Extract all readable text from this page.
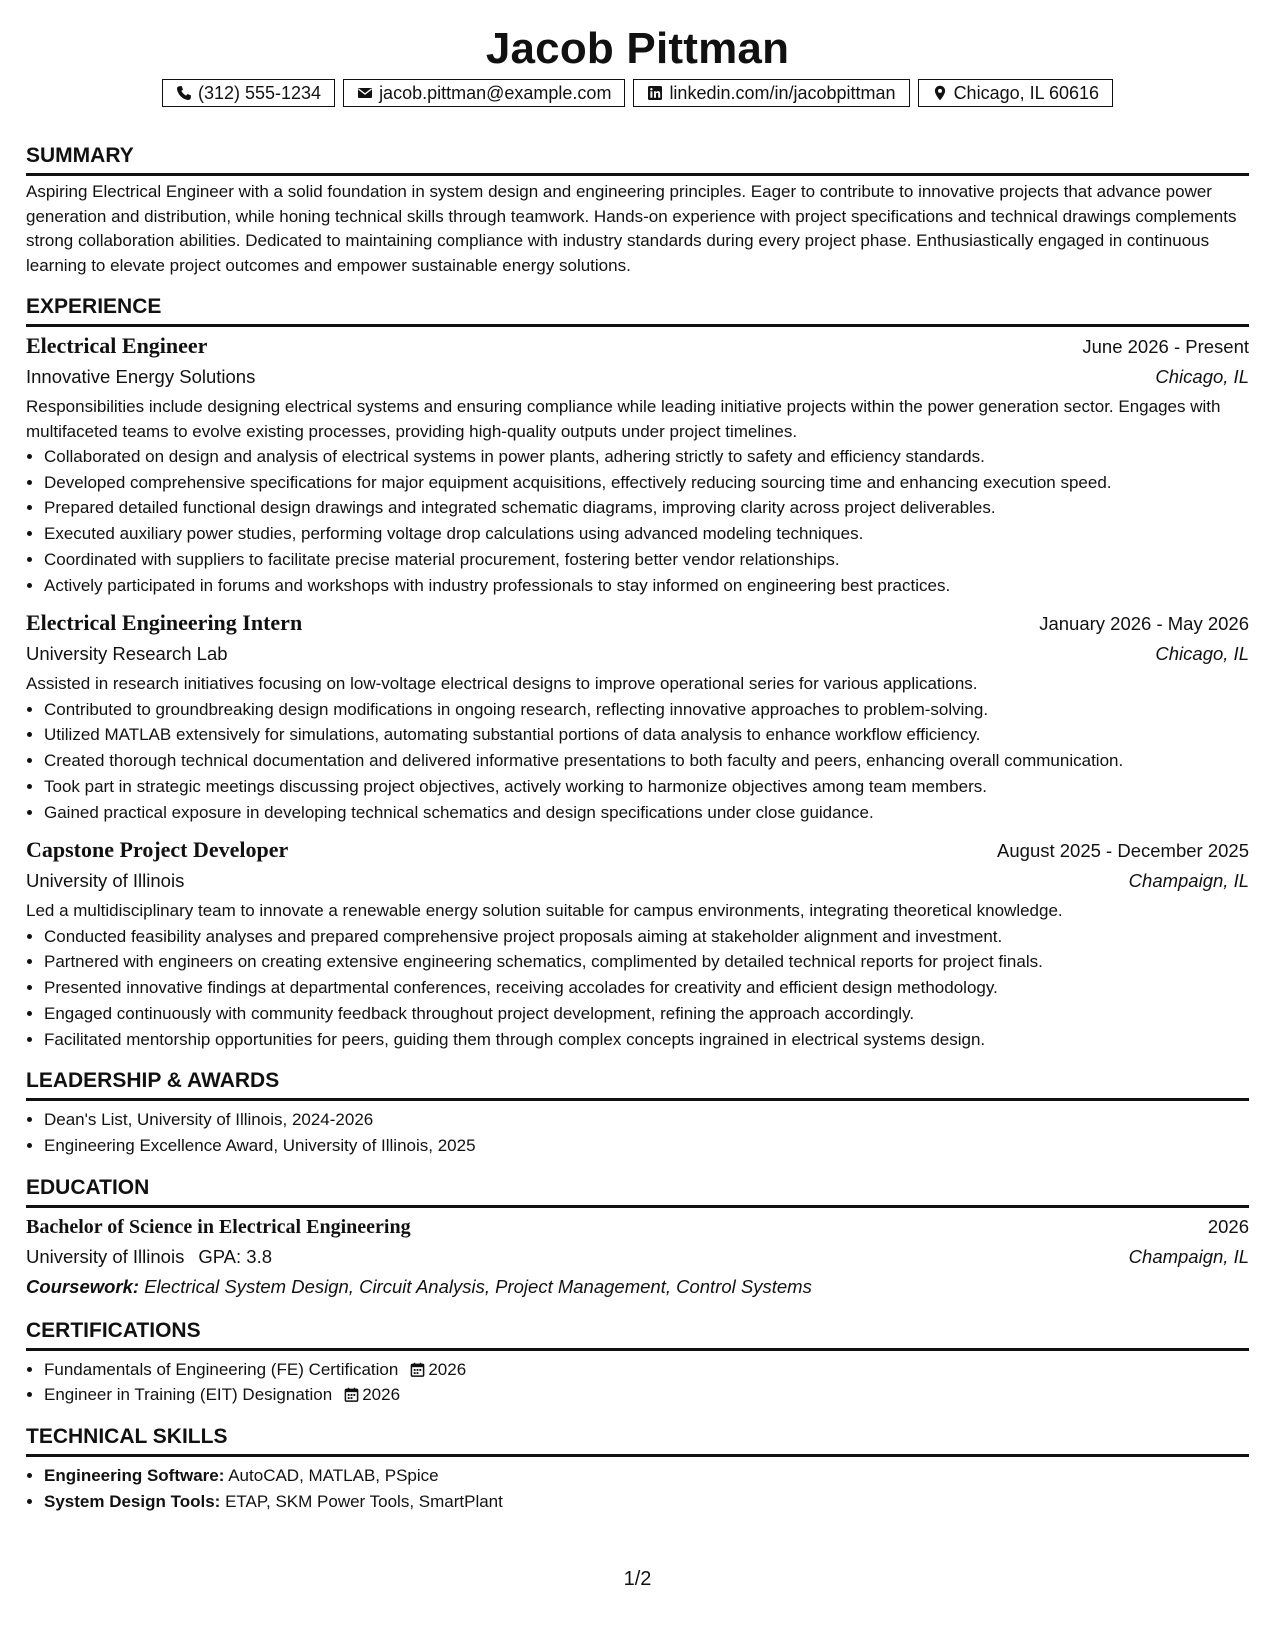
Jacob Pittman
(312) 555-1234	jacob.pittman@example.com	linkedin.com/in/jacobpittman	Chicago, IL 60616
SUMMARY
Aspiring Electrical Engineer with a solid foundation in system design and engineering principles. Eager to contribute to innovative projects that advance power generation and distribution, while honing technical skills through teamwork. Hands-on experience with project specifications and technical drawings complements strong collaboration abilities. Dedicated to maintaining compliance with industry standards during every project phase. Enthusiastically engaged in continuous learning to elevate project outcomes and empower sustainable energy solutions.
EXPERIENCE
Electrical Engineer	June 2026 - Present
Innovative Energy Solutions	Chicago, IL
Responsibilities include designing electrical systems and ensuring compliance while leading initiative projects within the power generation sector. Engages with multifaceted teams to evolve existing processes, providing high-quality outputs under project timelines.
• Collaborated on design and analysis of electrical systems in power plants, adhering strictly to safety and efficiency standards.
• Developed comprehensive specifications for major equipment acquisitions, effectively reducing sourcing time and enhancing execution speed.
• Prepared detailed functional design drawings and integrated schematic diagrams, improving clarity across project deliverables.
• Executed auxiliary power studies, performing voltage drop calculations using advanced modeling techniques.
• Coordinated with suppliers to facilitate precise material procurement, fostering better vendor relationships.
• Actively participated in forums and workshops with industry professionals to stay informed on engineering best practices.
Electrical Engineering Intern	January 2026 - May 2026
University Research Lab	Chicago, IL
Assisted in research initiatives focusing on low-voltage electrical designs to improve operational series for various applications.
• Contributed to groundbreaking design modifications in ongoing research, reflecting innovative approaches to problem-solving.
• Utilized MATLAB extensively for simulations, automating substantial portions of data analysis to enhance workflow efficiency.
• Created thorough technical documentation and delivered informative presentations to both faculty and peers, enhancing overall communication.
• Took part in strategic meetings discussing project objectives, actively working to harmonize objectives among team members.
• Gained practical exposure in developing technical schematics and design specifications under close guidance.
Capstone Project Developer	August 2025 - December 2025
University of Illinois	Champaign, IL
Led a multidisciplinary team to innovate a renewable energy solution suitable for campus environments, integrating theoretical knowledge.
• Conducted feasibility analyses and prepared comprehensive project proposals aiming at stakeholder alignment and investment.
• Partnered with engineers on creating extensive engineering schematics, complimented by detailed technical reports for project finals.
• Presented innovative findings at departmental conferences, receiving accolades for creativity and efficient design methodology.
• Engaged continuously with community feedback throughout project development, refining the approach accordingly.
• Facilitated mentorship opportunities for peers, guiding them through complex concepts ingrained in electrical systems design.
LEADERSHIP & AWARDS
• Dean's List, University of Illinois, 2024-2026
• Engineering Excellence Award, University of Illinois, 2025
EDUCATION
Bachelor of Science in Electrical Engineering	2026
University of Illinois GPA: 3.8	Champaign, IL
Coursework: Electrical System Design, Circuit Analysis, Project Management, Control Systems
CERTIFICATIONS
• Fundamentals of Engineering (FE) Certification 2026
• Engineer in Training (EIT) Designation 2026
TECHNICAL SKILLS
• Engineering Software: AutoCAD, MATLAB, PSpice
• System Design Tools: ETAP, SKM Power Tools, SmartPlant
1/2
